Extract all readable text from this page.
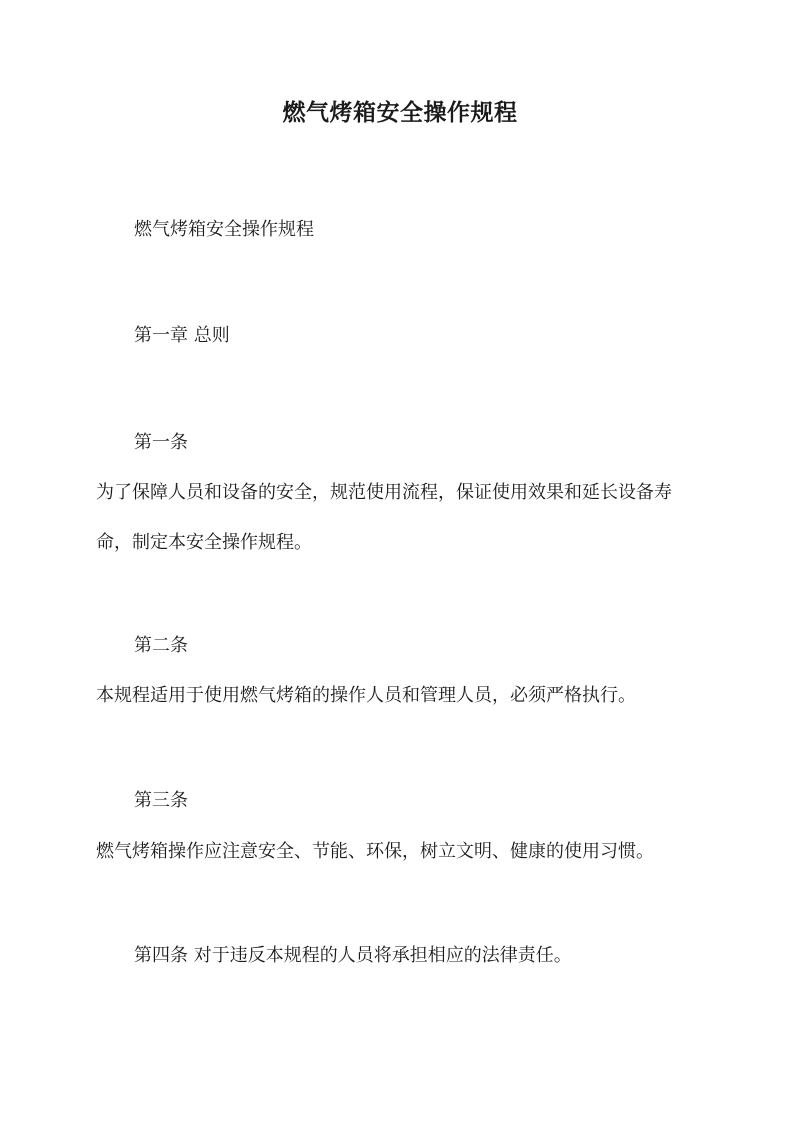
燃气烤箱安全操作规程
燃气烤箱安全操作规程
第一章 总则
第一条
为了保障人员和设备的安全，规范使用流程，保证使用效果和延长设备寿
命，制定本安全操作规程。
第二条
本规程适用于使用燃气烤箱的操作人员和管理人员，必须严格执行。
第三条
燃气烤箱操作应注意安全、节能、环保，树立文明、健康的使用习惯。
第四条 对于违反本规程的人员将承担相应的法律责任。
